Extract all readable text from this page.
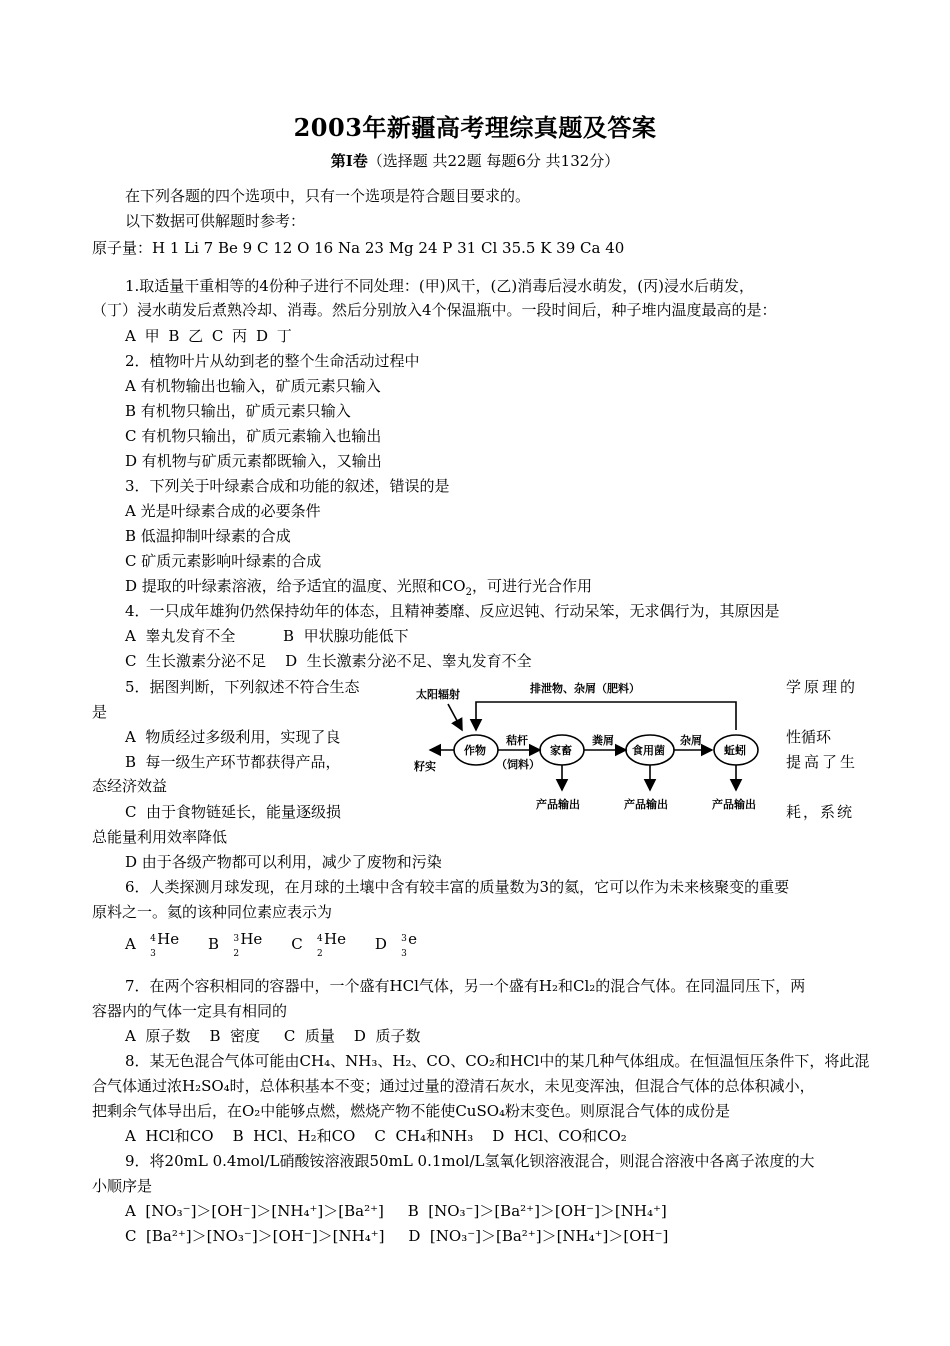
2003年新疆高考理综真题及答案
第Ⅰ卷（选择题 共22题 每题6分 共132分）
在下列各题的四个选项中，只有一个选项是符合题目要求的。
以下数据可供解题时参考：
原子量：H 1 Li 7 Be 9 C 12 O 16 Na 23 Mg 24 P 31 Cl 35.5 K 39 Ca 40
1.取适量干重相等的4份种子进行不同处理：(甲)风干，(乙)消毒后浸水萌发，(丙)浸水后萌发，
（丁）浸水萌发后煮熟冷却、消毒。然后分别放入4个保温瓶中。一段时间后，种子堆内温度最高的是：
A 甲 B 乙 C 丙 D 丁
2．植物叶片从幼到老的整个生命活动过程中
A 有机物输出也输入，矿质元素只输入
B 有机物只输出，矿质元素只输入
C 有机物只输出，矿质元素输入也输出
D 有机物与矿质元素都既输入，又输出
3．下列关于叶绿素合成和功能的叙述，错误的是
A 光是叶绿素合成的必要条件
B 低温抑制叶绿素的合成
C 矿质元素影响叶绿素的合成
D 提取的叶绿素溶液，给予适宜的温度、光照和$CO_2$，可进行光合作用
4．一只成年雄狗仍然保持幼年的体态，且精神萎靡、反应迟钝、行动呆笨，无求偶行为，其原因是
A  睾丸发育不全          B  甲状腺功能低下
C  生长激素分泌不足    D  生长激素分泌不足、睾丸发育不全
5．据图判断，下列叙述不符合生态	学原理的
是
A  物质经过多级利用，实现了良	性循环
B  每一级生产环节都获得产品，	提高了生
态经济效益
C  由于食物链延长，能量逐级损	耗，系统
总能量利用效率降低
D 由于各级产物都可以利用，减少了废物和污染
排泄物、杂屑（肥料）
太阳辐射
作物
籽实
秸杆
（饲料）
家畜
粪屑
食用菌
杂屑
蚯蚓
产品输出	产品输出	产品输出
6．人类探测月球发现，在月球的土壤中含有较丰富的质量数为3的氦，它可以作为未来核聚变的重要
原料之一。氦的该种同位素应表示为
A 4 He
3
B 3 He
2
C 4 He
2
D 3 e
3
7．在两个容积相同的容器中，一个盛有HCl气体，另一个盛有H₂和Cl₂的混合气体。在同温同压下，两
容器内的气体一定具有相同的
A  原子数    B  密度     C  质量    D  质子数
8．某无色混合气体可能由CH₄、NH₃、H₂、CO、CO₂和HCl中的某几种气体组成。在恒温恒压条件下，将此混
合气体通过浓H₂SO₄时，总体积基本不变；通过过量的澄清石灰水，未见变浑浊，但混合气体的总体积减小，
把剩余气体导出后，在O₂中能够点燃，燃烧产物不能使CuSO₄粉末变色。则原混合气体的成份是
A  HCl和CO    B  HCl、H₂和CO    C  CH₄和NH₃    D  HCl、CO和CO₂
9．将20mL 0.4mol/L硝酸铵溶液跟50mL 0.1mol/L氢氧化钡溶液混合，则混合溶液中各离子浓度的大
小顺序是
A  [NO₃⁻]＞[OH⁻]＞[NH₄⁺]＞[Ba²⁺]     B  [NO₃⁻]＞[Ba²⁺]＞[OH⁻]＞[NH₄⁺]
C  [Ba²⁺]＞[NO₃⁻]＞[OH⁻]＞[NH₄⁺]     D  [NO₃⁻]＞[Ba²⁺]＞[NH₄⁺]＞[OH⁻]
